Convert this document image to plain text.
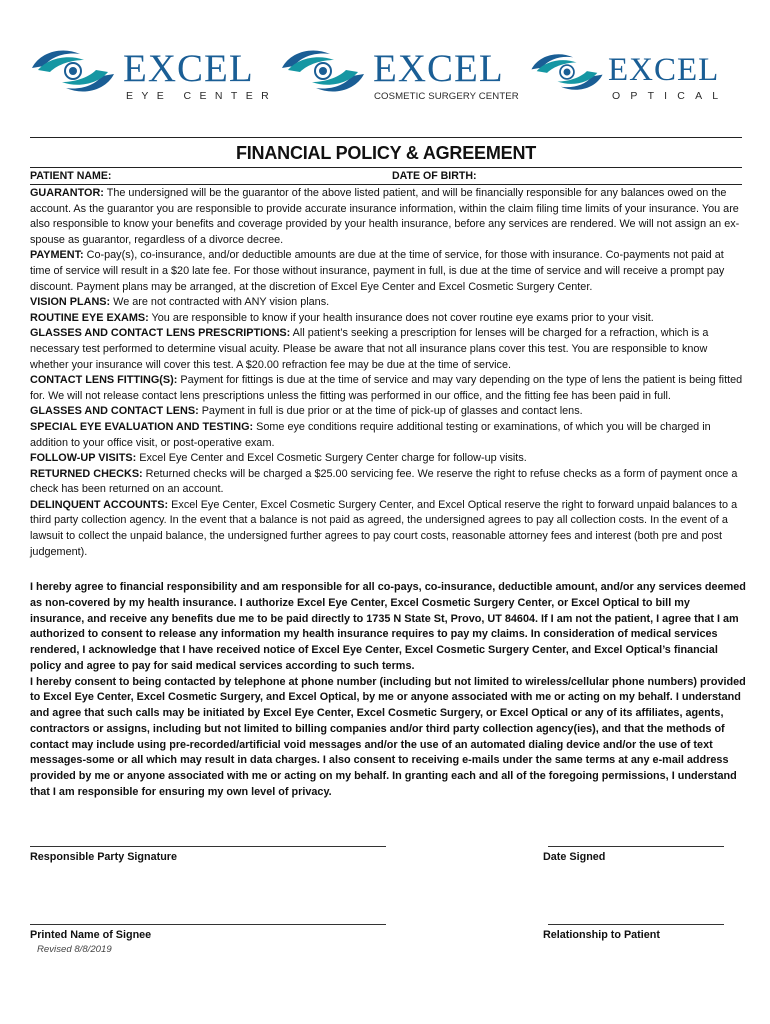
EXCEL
EYE CENTER
EXCEL
COSMETIC SURGERY CENTER
EXCEL
OPTICAL
FINANCIAL POLICY & AGREEMENT
PATIENT NAME:	DATE OF BIRTH:

GUARANTOR: The undersigned will be the guarantor of the above listed patient, and will be financially responsible for any balances owed on the account. As the guarantor you are responsible to provide accurate insurance information, within the claim filing time limits of your insurance. You are also responsible to know your benefits and coverage provided by your health insurance, before any services are rendered. We will not assign an ex-spouse as guarantor, regardless of a divorce decree.

PAYMENT: Co-pay(s), co-insurance, and/or deductible amounts are due at the time of service, for those with insurance. Co-payments not paid at time of service will result in a $20 late fee. For those without insurance, payment in full, is due at the time of service and will receive a prompt pay discount. Payment plans may be arranged, at the discretion of Excel Eye Center and Excel Cosmetic Surgery Center.

VISION PLANS: We are not contracted with ANY vision plans.

ROUTINE EYE EXAMS: You are responsible to know if your health insurance does not cover routine eye exams prior to your visit.

GLASSES AND CONTACT LENS PRESCRIPTIONS: All patient’s seeking a prescription for lenses will be charged for a refraction, which is a necessary test performed to determine visual acuity. Please be aware that not all insurance plans cover this test. You are responsible to know whether your insurance will cover this test. A $20.00 refraction fee may be due at the time of service.

CONTACT LENS FITTING(S): Payment for fittings is due at the time of service and may vary depending on the type of lens the patient is being fitted for. We will not release contact lens prescriptions unless the fitting was performed in our office, and the fitting fee has been paid in full.

GLASSES AND CONTACT LENS: Payment in full is due prior or at the time of pick-up of glasses and contact lens.

SPECIAL EYE EVALUATION AND TESTING: Some eye conditions require additional testing or examinations, of which you will be charged in addition to your office visit, or post-operative exam.

FOLLOW-UP VISITS: Excel Eye Center and Excel Cosmetic Surgery Center charge for follow-up visits.

RETURNED CHECKS: Returned checks will be charged a $25.00 servicing fee. We reserve the right to refuse checks as a form of payment once a check has been returned on an account.

DELINQUENT ACCOUNTS: Excel Eye Center, Excel Cosmetic Surgery Center, and Excel Optical reserve the right to forward unpaid balances to a third party collection agency. In the event that a balance is not paid as agreed, the undersigned agrees to pay all collection costs. In the event of a lawsuit to collect the unpaid balance, the undersigned further agrees to pay court costs, reasonable attorney fees and interest (both pre and post judgement).

I hereby agree to financial responsibility and am responsible for all co-pays, co-insurance, deductible amount, and/or any services deemed as non-covered by my health insurance. I authorize Excel Eye Center, Excel Cosmetic Surgery Center, or Excel Optical to bill my insurance, and receive any benefits due me to be paid directly to 1735 N State St, Provo, UT 84604. If I am not the patient, I agree that I am authorized to consent to release any information my health insurance requires to pay my claims. In consideration of medical services rendered, I acknowledge that I have received notice of Excel Eye Center, Excel Cosmetic Surgery Center, and Excel Optical’s financial policy and agree to pay for said medical services according to such terms.

I hereby consent to being contacted by telephone at phone number (including but not limited to wireless/cellular phone numbers) provided to Excel Eye Center, Excel Cosmetic Surgery, and Excel Optical, by me or anyone associated with me or acting on my behalf. I understand and agree that such calls may be initiated by Excel Eye Center, Excel Cosmetic Surgery, or Excel Optical or any of its affiliates, agents, contractors or assigns, including but not limited to billing companies and/or third party collection agency(ies), and that the methods of contact may include using pre-recorded/artificial void messages and/or the use of an automated dialing device and/or the use of text messages-some or all which may result in data charges. I also consent to receiving e-mails under the same terms at any e-mail address provided by me or anyone associated with me or acting on my behalf. In granting each and all of the foregoing permissions, I understand that I am responsible for ensuring my own level of privacy.

Responsible Party Signature	Date Signed
Printed Name of Signee	Relationship to Patient
Revised 8/8/2019
